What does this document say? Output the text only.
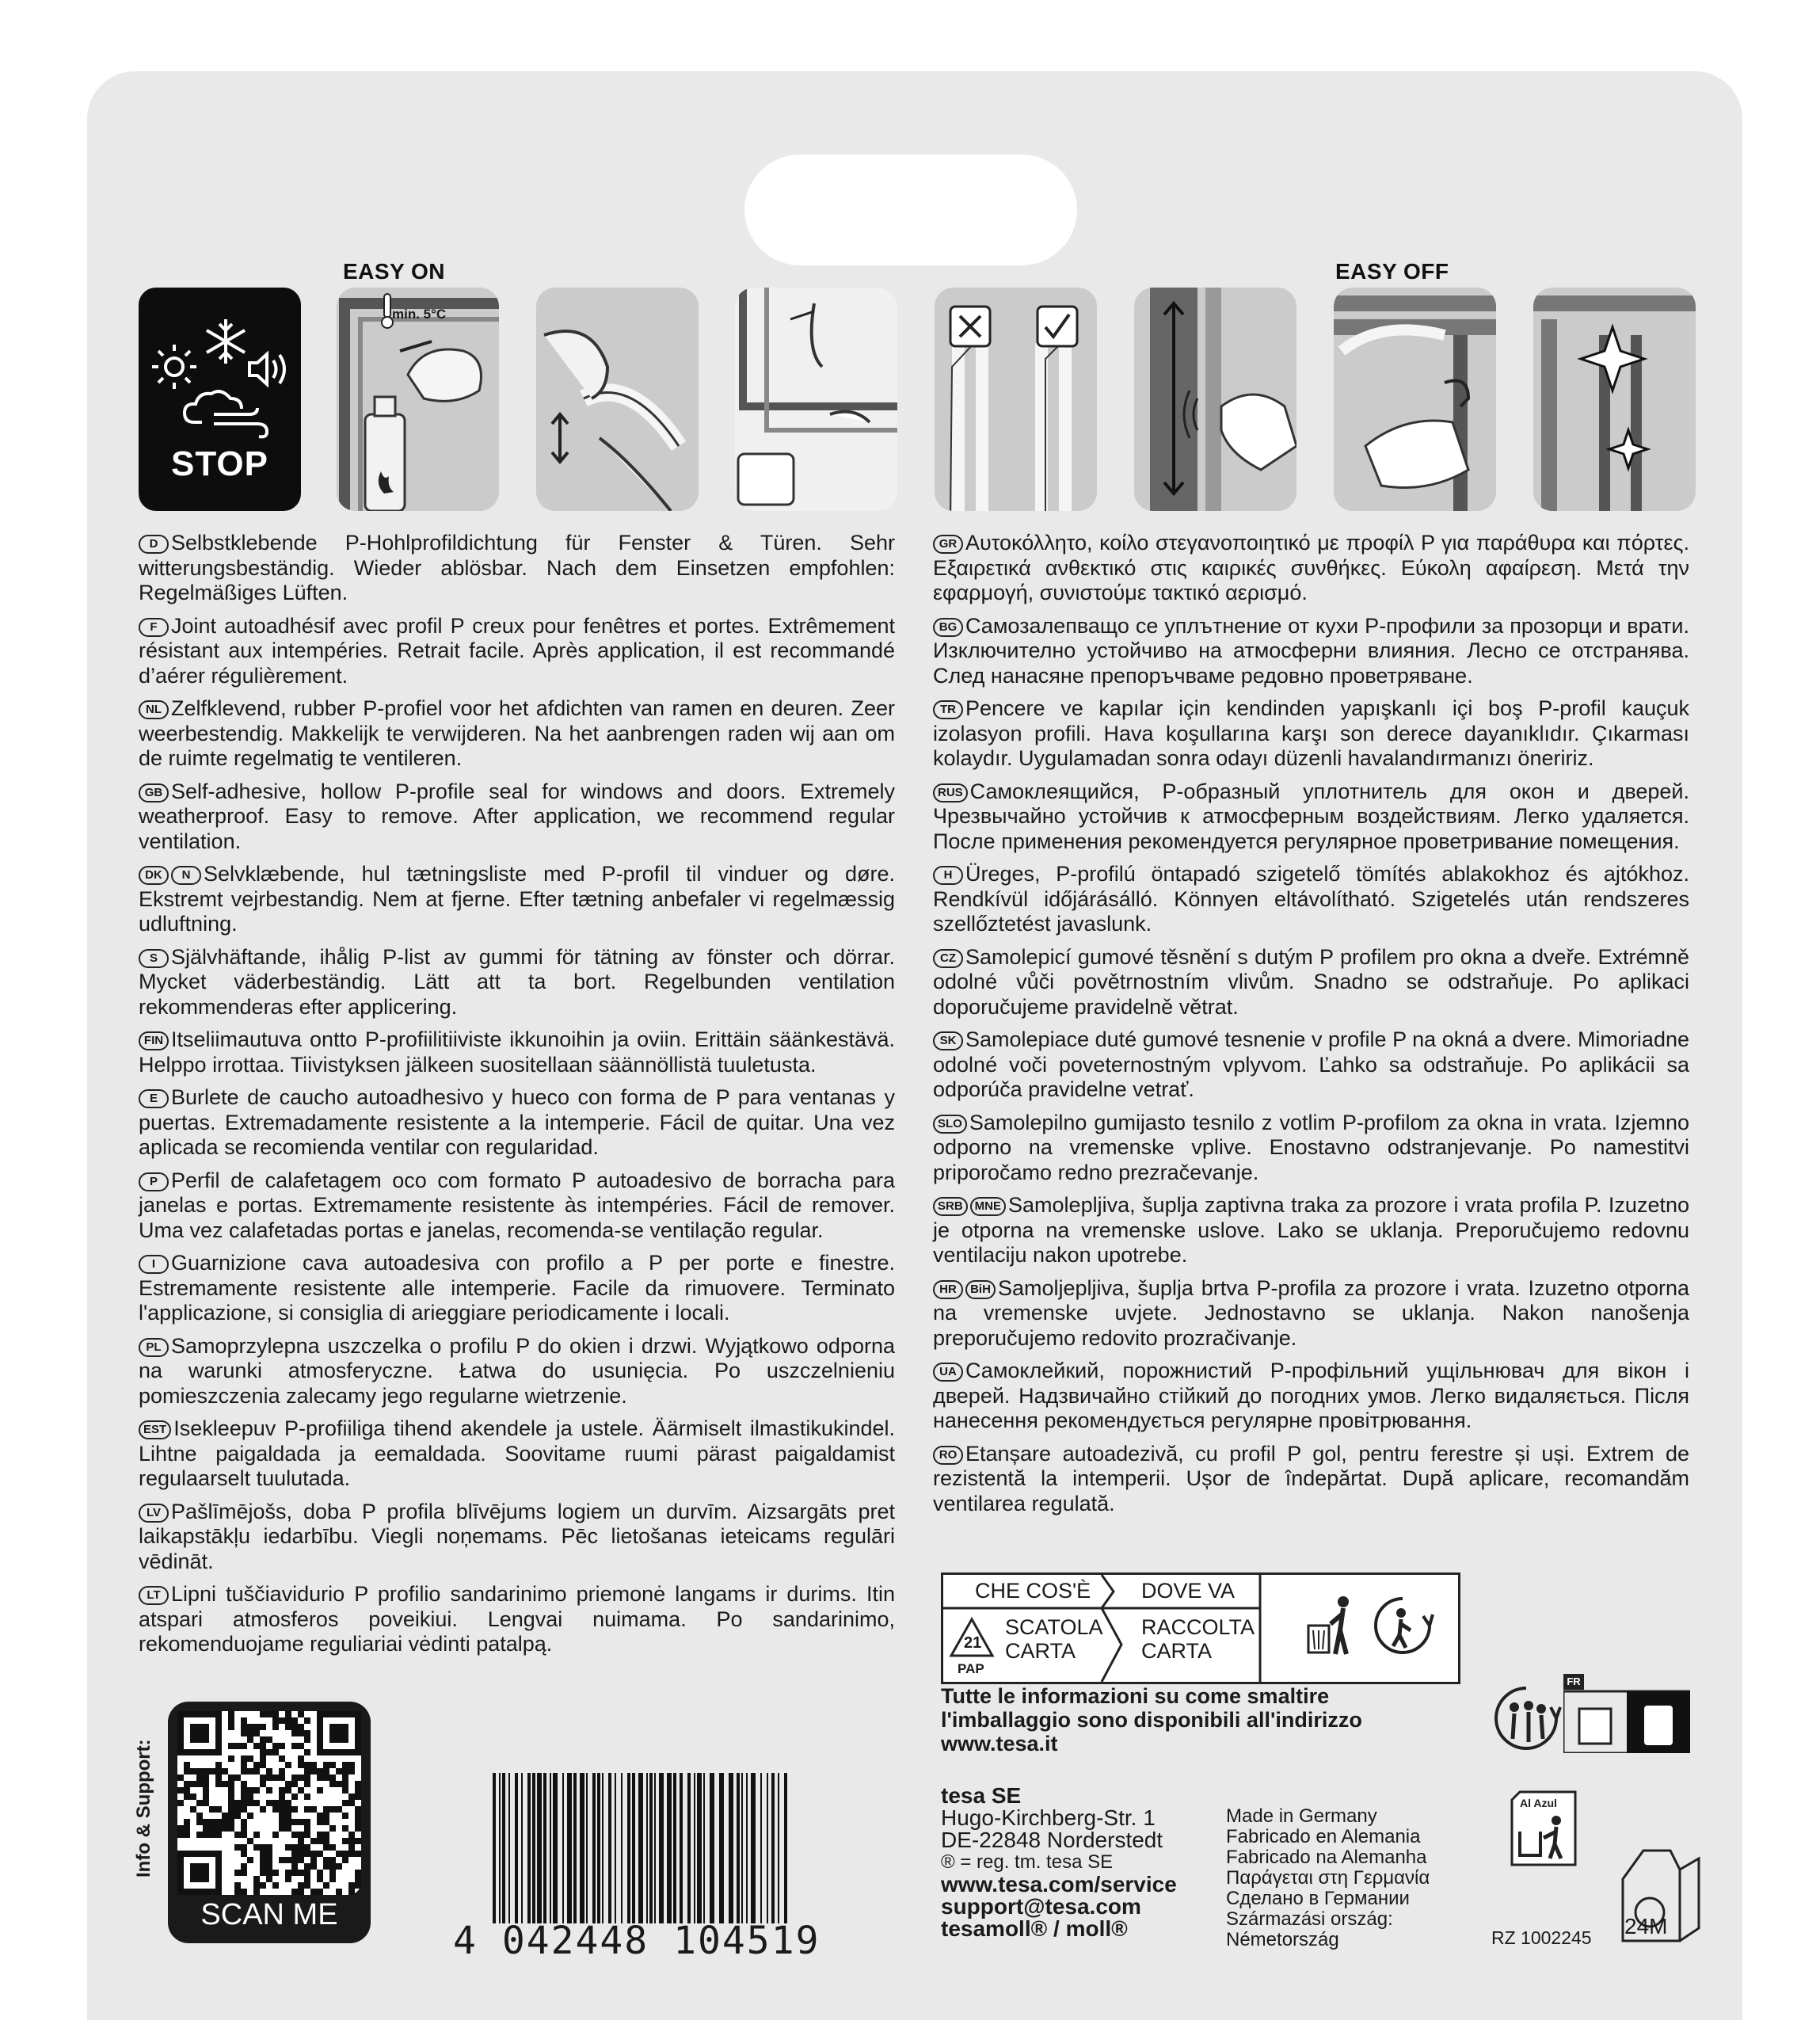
EASY ON	EASY OFF
STOP
min. 5°C

D Selbstklebende P-Hohlprofildichtung für Fenster & Türen. Sehr witterungsbeständig. Wieder ablösbar. Nach dem Einsetzen empfohlen: Regelmäßiges Lüften.

F Joint autoadhésif avec profil P creux pour fenêtres et portes. Extrêmement résistant aux intempéries. Retrait facile. Après application, il est recommandé d’aérer régulièrement.

NL Zelfklevend, rubber P-profiel voor het afdichten van ramen en deuren. Zeer weerbestendig. Makkelijk te verwijderen. Na het aanbrengen raden wij aan om de ruimte regelmatig te ventileren.

GB Self-adhesive, hollow P-profile seal for windows and doors. Extremely weatherproof. Easy to remove. After application, we recommend regular ventilation.

DK N Selvklæbende, hul tætningsliste med P-profil til vinduer og døre. Ekstremt vejrbestandig. Nem at fjerne. Efter tætning anbefaler vi regelmæssig udluftning.

S Självhäftande, ihålig P-list av gummi för tätning av fönster och dörrar. Mycket väderbeständig. Lätt att ta bort. Regelbunden ventilation rekommenderas efter applicering.

FIN Itseliimautuva ontto P-profiilitiiviste ikkunoihin ja oviin. Erittäin säänkestävä. Helppo irrottaa. Tiivistyksen jälkeen suositellaan säännöllistä tuuletusta.

E Burlete de caucho autoadhesivo y hueco con forma de P para ventanas y puertas. Extremadamente resistente a la intemperie. Fácil de quitar. Una vez aplicada se recomienda ventilar con regularidad.

P Perfil de calafetagem oco com formato P autoadesivo de borracha para janelas e portas. Extremamente resistente às intempéries. Fácil de remover. Uma vez calafetadas portas e janelas, recomenda-se ventilação regular.

I Guarnizione cava autoadesiva con profilo a P per porte e finestre. Estremamente resistente alle intemperie. Facile da rimuovere. Terminato l'applicazione, si consiglia di arieggiare periodicamente i locali.

PL Samoprzylepna uszczelka o profilu P do okien i drzwi. Wyjątkowo odporna na warunki atmosferyczne. Łatwa do usunięcia. Po uszczelnieniu pomieszczenia zalecamy jego regularne wietrzenie.

EST Isekleepuv P-profiiliga tihend akendele ja ustele. Äärmiselt ilmastikukindel. Lihtne paigaldada ja eemaldada. Soovitame ruumi pärast paigaldamist regulaarselt tuulutada.

LV Pašlīmējošs, doba P profila blīvējums logiem un durvīm. Aizsargāts pret laikapstākļu iedarbību. Viegli noņemams. Pēc lietošanas ieteicams regulāri vēdināt.

LT Lipni tuščiavidurio P profilio sandarinimo priemonė langams ir durims. Itin atspari atmosferos poveikiui. Lengvai nuimama. Po sandarinimo, rekomenduojame reguliariai vėdinti patalpą.

GR Αυτοκόλλητο, κοίλο στεγανοποιητικό με προφίλ P για παράθυρα και πόρτες. Εξαιρετικά ανθεκτικό στις καιρικές συνθήκες. Εύκολη αφαίρεση. Μετά την εφαρμογή, συνιστούμε τακτικό αερισμό.

BG Самозалепващо се уплътнение от кухи Р-профили за прозорци и врати. Изключително устойчиво на атмосферни влияния. Лесно се отстранява. След нанасяне препоръчваме редовно проветряване.

TR Pencere ve kapılar için kendinden yapışkanlı içi boş P-profil kauçuk izolasyon profili. Hava koşullarına karşı son derece dayanıklıdır. Çıkarması kolaydır. Uygulamadan sonra odayı düzenli havalandırmanızı öneririz.

RUS Самоклеящийся, Р-образный уплотнитель для окон и дверей. Чрезвычайно устойчив к атмосферным воздействиям. Легко удаляется. После применения рекомендуется регулярное проветривание помещения.

H Üreges, P-profilú öntapadó szigetelő tömítés ablakokhoz és ajtókhoz. Rendkívül időjárásálló. Könnyen eltávolítható. Szigetelés után rendszeres szellőztetést javaslunk.

CZ Samolepicí gumové těsnění s dutým P profilem pro okna a dveře. Extrémně odolné vůči povětrnostním vlivům. Snadno se odstraňuje. Po aplikaci doporučujeme pravidelně větrat.

SK Samolepiace duté gumové tesnenie v profile P na okná a dvere. Mimoriadne odolné voči poveternostným vplyvom. Ľahko sa odstraňuje. Po aplikácii sa odporúča pravidelne vetrať.

SLO Samolepilno gumijasto tesnilo z votlim P-profilom za okna in vrata. Izjemno odporno na vremenske vplive. Enostavno odstranjevanje. Po namestitvi priporočamo redno prezračevanje.

SRB MNE Samolepljiva, šuplja zaptivna traka za prozore i vrata profila P. Izuzetno je otporna na vremenske uslove. Lako se uklanja. Preporučujemo redovnu ventilaciju nakon upotrebe.

HR BiH Samoljepljiva, šuplja brtva P-profila za prozore i vrata. Izuzetno otporna na vremenske uvjete. Jednostavno se uklanja. Nakon nanošenja preporučujemo redovito prozračivanje.

UA Самоклейкий, порожнистий Р-профільний ущільнювач для вікон і дверей. Надзвичайно стійкий до погодних умов. Легко видаляється. Після нанесення рекомендується регулярне провітрювання.

RO Etanșare autoadezivă, cu profil P gol, pentru ferestre și uși. Extrem de rezistentă la intemperii. Ușor de îndepărtat. După aplicare, recomandăm ventilarea regulată.

Info & Support:
SCAN ME
4 042448 104519
CHE COS'È DOVE VA
21
PAP
SCATOLA
CARTA
RACCOLTA
CARTA
Tutte le informazioni su come smaltire
l'imballaggio sono disponibili all'indirizzo
www.tesa.it
FR
Al Azul
24M
tesa SE
Hugo-Kirchberg-Str. 1
DE-22848 Norderstedt
® = reg. tm. tesa SE
www.tesa.com/service
support@tesa.com
tesamoll® / moll®
Made in Germany
Fabricado en Alemania
Fabricado na Alemanha
Παράγεται στη Γερμανία
Сделано в Германии
Származási ország:
Németország	RZ 1002245
